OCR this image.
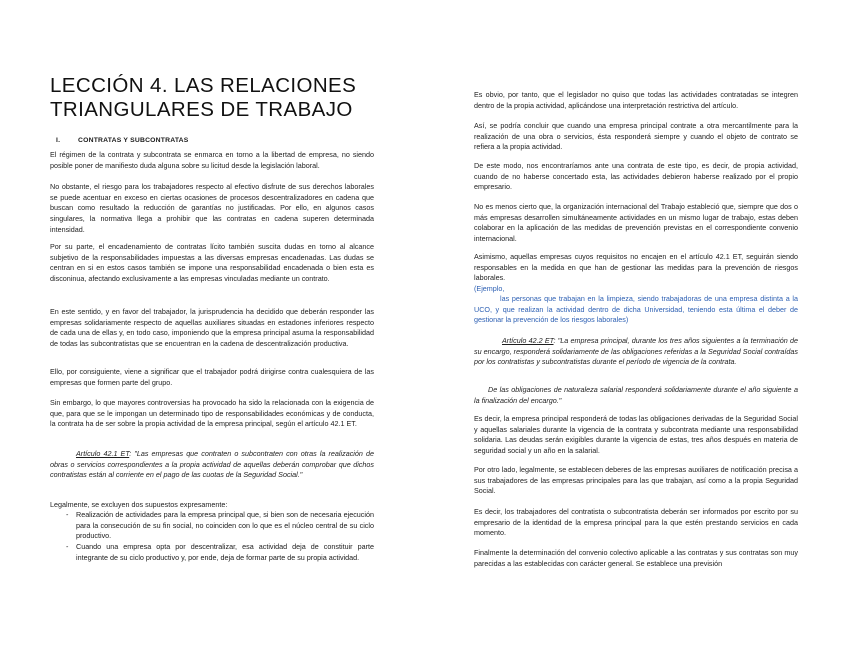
LECCIÓN 4. LAS RELACIONES TRIANGULARES DE TRABAJO
I.	CONTRATAS Y SUBCONTRATAS

El régimen de la contrata y subcontrata se enmarca en torno a la libertad de empresa, no siendo posible poner de manifiesto duda alguna sobre su licitud desde la legislación laboral.

No obstante, el riesgo para los trabajadores respecto al efectivo disfrute de sus derechos laborales se puede acentuar en exceso en ciertas ocasiones de procesos descentralizadores en cadena que buscan como resultado la reducción de garantías no justificadas. Por ello, en algunos casos singulares, la normativa llega a prohibir que las contratas en cadena superen determinada intensidad.

Por su parte, el encadenamiento de contratas lícito también suscita dudas en torno al alcance subjetivo de la responsabilidades impuestas a las diversas empresas encadenadas. Las dudas se centran en si en estos casos también se impone una responsabilidad encadenada o bien esta es disconinua, afectando exclusivamente a las empresas vinculadas mediante un contrato.

En este sentido, y en favor del trabajador, la jurisprudencia ha decidido que deberán responder las empresas solidariamente respecto de aquellas auxiliares situadas en estadones inferiores respecto de cada una de ellas y, en todo caso, imponiendo que la empresa principal asuma la responsabilidad de todas las subcontratistas que se encuentran en la cadena de descentralización productiva.

Ello, por consiguiente, viene a significar que el trabajador podrá dirigirse contra cualesquiera de las empresas que formen parte del grupo.

Sin embargo, lo que mayores controversias ha provocado ha sido la relacionada con la exigencia de que, para que se le impongan un determinado tipo de responsabilidades económicas y de conducta, la contrata ha de ser sobre la propia actividad de la empresa principal, según el artículo 42.1 ET.

Artículo 42.1 ET: "Las empresas que contraten o subcontraten con otras la realización de obras o servicios correspondientes a la propia actividad de aquellas deberán comprobar que dichos contratistas están al corriente en el pago de las cuotas de la Seguridad Social."

Legalmente, se excluyen dos supuestos expresamente:

- Realización de actividades para la empresa principal que, si bien son de necesaria ejecución para la consecución de su fin social, no coinciden con lo que es el núcleo central de su ciclo productivo.
- Cuando una empresa opta por descentralizar, esa actividad deja de constituir parte integrante de su ciclo productivo y, por ende, deja de formar parte de su propia actividad.

Es obvio, por tanto, que el legislador no quiso que todas las actividades contratadas se integren dentro de la propia actividad, aplicándose una interpretación restrictiva del artículo.

Así, se podría concluir que cuando una empresa principal contrate a otra mercantilmente para la realización de una obra o servicios, ésta responderá siempre y cuando el objeto de contrato se refiera a la propia actividad.

De este modo, nos encontraríamos ante una contrata de este tipo, es decir, de propia actividad, cuando de no haberse concertado esta, las actividades debieron haberse realizado por el propio empresario.

No es menos cierto que, la organización internacional del Trabajo estableció que, siempre que dos o más empresas desarrollen simultáneamente actividades en un mismo lugar de trabajo, estas deben colaborar en la aplicación de las medidas de prevención previstas en el correspondiente convenio internacional.

Asimismo, aquellas empresas cuyos requisitos no encajen en el artículo 42.1 ET, seguirán siendo responsables en la medida en que han de gestionar las medidas para la prevención de riesgos laborales.

(Ejemplo,

las personas que trabajan en la limpieza, siendo trabajadoras de una empresa distinta a la UCO, y que realizan la actividad dentro de dicha Universidad, teniendo esta última el deber de gestionar la prevención de los riesgos laborales)

Artículo 42.2 ET: "La empresa principal, durante los tres años siguientes a la terminación de su encargo, responderá solidariamente de las obligaciones referidas a la Seguridad Social contraídas por los contratistas y subcontratistas durante el período de vigencia de la contrata.

De las obligaciones de naturaleza salarial responderá solidariamente durante el año siguiente a la finalización del encargo."

Es decir, la empresa principal responderá de todas las obligaciones derivadas de la Seguridad Social y aquellas salariales durante la vigencia de la contrata y subcontrata mediante una responsabilidad solidaria. Las deudas serán exigibles durante la vigencia de estas, tres años después en materia de seguridad social y un año en la salarial.

Por otro lado, legalmente, se establecen deberes de las empresas auxiliares de notificación precisa a sus trabajadores de las empresas principales para las que trabajan, así como a la propia Seguridad Social.

Es decir, los trabajadores del contratista o subcontratista deberán ser informados por escrito por su empresario de la identidad de la empresa principal para la que estén prestando servicios en cada momento.

Finalmente la determinación del convenio colectivo aplicable a las contratas y sus contratas son muy parecidas a las establecidas con carácter general. Se establece una previsión
